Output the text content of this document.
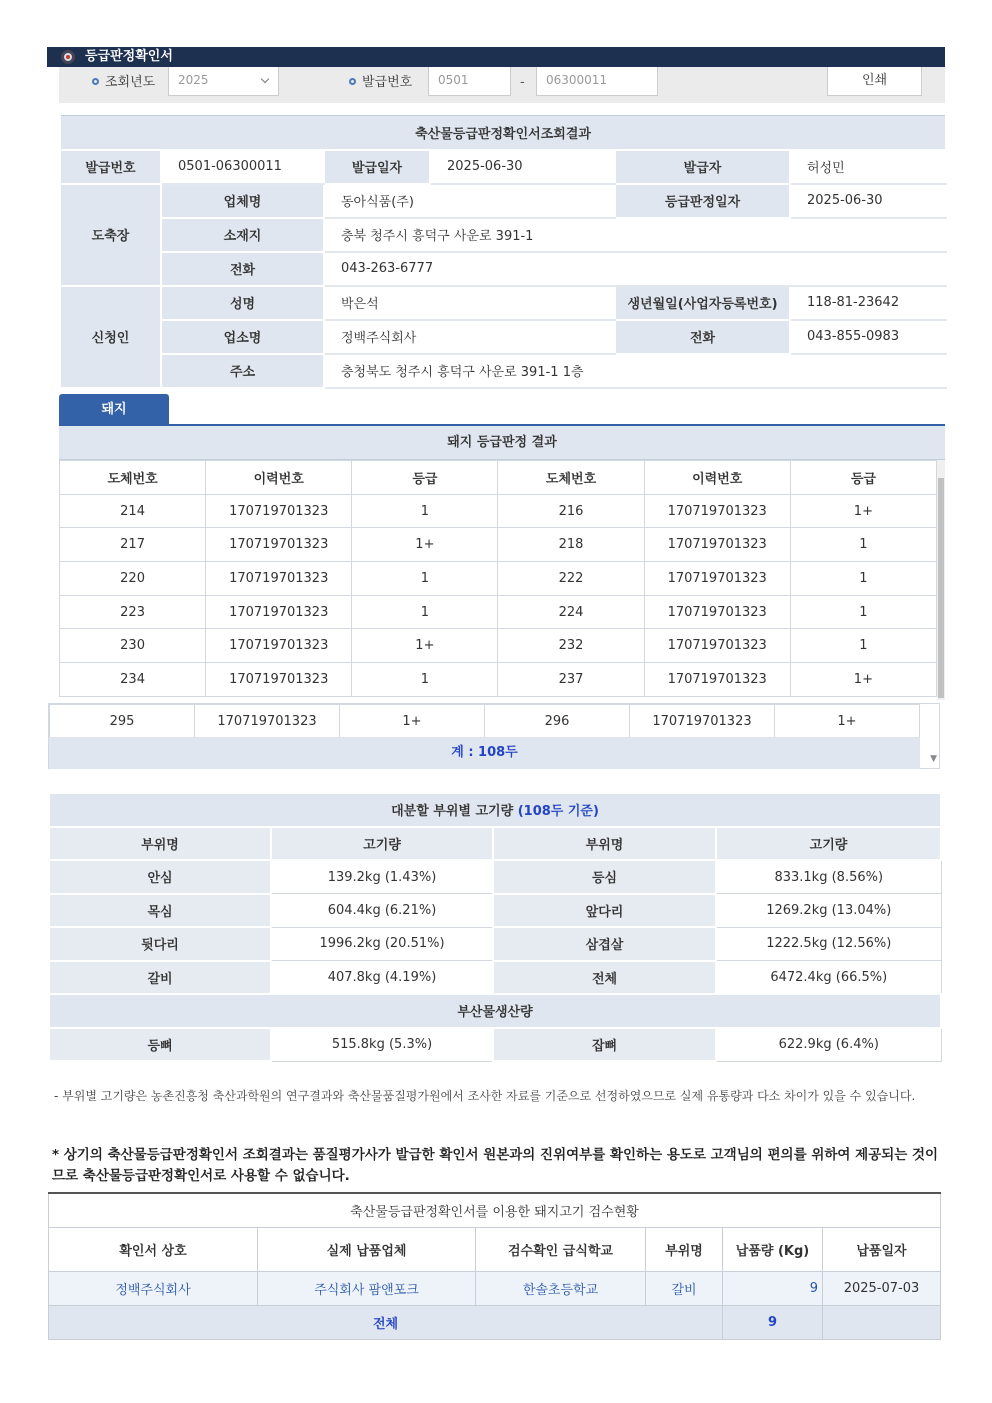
등급판정확인서
조회년도	2025	발급번호	0501	-	06300011	인쇄
축산물등급판정확인서조회결과					
발급번호	0501-06300011	발급일자	2025-06-30	발급자	허성민
도축장	업체명	동아식품(주)		등급판정일자	2025-06-30
	소재지	충북 청주시 흥덕구 사운로 391-1			
	전화	043-263-6777			
신청인	성명	박은석		생년월일(사업자등록번호)	118-81-23642
	업소명	정백주식회사		전화	043-855-0983
	주소	충청북도 청주시 흥덕구 사운로 391-1 1층			
돼지
돼지 등급판정 결과
도체번호	이력번호	등급	도체번호	이력번호	등급
214	170719701323	1	216	170719701323	1+
217	170719701323	1+	218	170719701323	1
220	170719701323	1	222	170719701323	1
223	170719701323	1	224	170719701323	1
230	170719701323	1+	232	170719701323	1
234	170719701323	1	237	170719701323	1+
295	170719701323	1+	296	170719701323	1+
계 : 108두	▼
대분할 부위별 고기량 (108두 기준)			
부위명	고기량	부위명	고기량
안심	139.2kg (1.43%)	등심	833.1kg (8.56%)
목심	604.4kg (6.21%)	앞다리	1269.2kg (13.04%)
뒷다리	1996.2kg (20.51%)	삼겹살	1222.5kg (12.56%)
갈비	407.8kg (4.19%)	전체	6472.4kg (66.5%)
부산물생산량			
등뼈	515.8kg (5.3%)	잡뼈	622.9kg (6.4%)
- 부위별 고기량은 농촌진흥청 축산과학원의 연구결과와 축산물품질평가원에서 조사한 자료를 기준으로 선정하였으므로 실제 유통량과 다소 차이가 있을 수 있습니다.
* 상기의 축산물등급판정확인서 조회결과는 품질평가사가 발급한 확인서 원본과의 진위여부를 확인하는 용도로 고객님의 편의를 위하여 제공되는 것이므로 축산물등급판정확인서로 사용할 수 없습니다.
축산물등급판정확인서를 이용한 돼지고기 검수현황					
확인서 상호	실제 납품업체	검수확인 급식학교	부위명	납품량 (Kg)	납품일자
정백주식회사	주식회사 팜앤포크	한솔초등학교	갈비	9	2025-07-03
전체				9	
